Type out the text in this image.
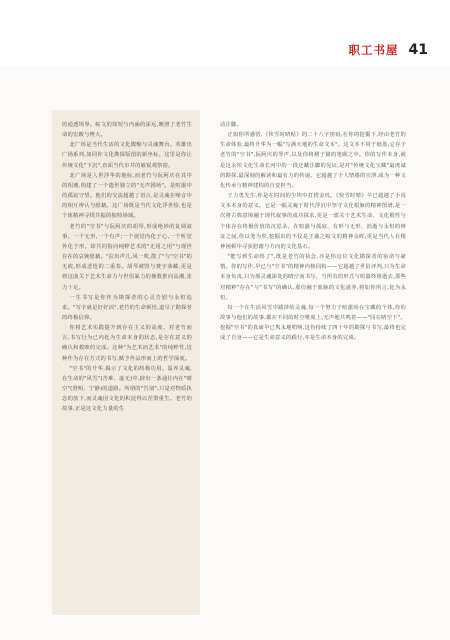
职工书屋 41

的通透境界。帖文的简短与内涵的深远,映照了老竹生命的宏敞与博大。

北广场是当代生活的文化微缩与灵魂舞台。英雄出广场系列,如同你文化勘探版图的新坐标。这里是你让传统文化"下沉",直面当代市井的敏锐观察窗。

北广场是人世浮华的地标,而老竹与阮阿庆在其中的相遇,构建了一个遗世独立的"无声剧场"。是喧嚣中的孤寂守望。他们的交流超越了语言,是灵魂在噪音中的相互辨认与慰藉。这广场既是当代文化浮世绘,也是个体精神寻找共振的独特场域。

老竹的"空书"与阮阿庆的胡琴,形成绝妙的复调叙事。一个无形,一个有声;一个视觉内化于心,一个听觉外化于形。却共同指向纯粹艺术的"无用之用"与现世存在的哀婉慰藉。"拉出声儿,风一吹,散了"与"空书"的无痕,形成悲怆的二重奏。胡琴被毁与焚字恭藏,更是将这曲关于艺术生命力与世俗暴力的挽歌推向高潮,张力十足。

一生书写是你作为勘探者的心灵告慰与永恒追求。"写字就是好好活",老竹的生命顿悟,道尽了勘探者的终极信仰。

你将艺术实践提升到存在主义的高度。对老竹而言,书写行为已内化为生命本身的状态,是存在意义的确认和救赎的完成。这种"为艺术而艺术"的纯粹性,这种作为存在方式的书写,赋予作品形而上的哲学深度。

"空书"的升华,揭示了文化的终极功用。温养灵魂,在生命的"风雪"(苦难、虚无)中,辟出一条通往内在"晴空"(澄明、宁静)的道路。所谓的"告别",只是对物质执念的放下,而灵魂因文化的积淀得以涅槃重生。老竹的故事,正是这文化力量的生

动注脚。

正如你所感悟,《快雪时晴帖》的二十八字密码,在你的挖掘下,经由老竹的生命体验,最终升华为一幅"写满天地的生命文本"。这文本不同于纸墨,它存于老竹的"空书",阮阿庆的琴声,以及你将褶子猫的笔砚之中。你的写作本身,就是这永恒文化生命长河中的一段迂藏注脚的见证,是对"传统文化宝藏"最虔诚的勘探,最深刻的解读和最有力的传递。它超越了个人情感的宣泄,成为一种文化传承与精神建构的自觉担当。

王力勇先生,你是在时间的尘埃中打捞金玑。《快雪时晴》早已超越了小说文本本身的意义。它是一幅灵魂于时代浮沉中坚守文化根脉的精神图谱,是一次将古典意境融于现代叙事的成功探求,更是一部关于艺术生命、文化根性与个体存在终极价值的沉思录。在喧嚣与孤寂、有形与无形、消逝与永恒的辩证之间,你以笔为犁,挖掘出的不仅是王羲之帖文的精神余晖,更是当代人在精神困顿中寻获慰藉与方向的文化基石。

"能写到生命终了",既是老竹的执念,亦是你这位文化勘探者的宿命与豪情。你的写作,早已与"空书"的精神内核同构——它超越了世俗评判,只为生命本身负责,只为那灵魂深处的晴空而书写。当所有的形式与喧嚣终将逝去,那些对精粹"存在"与"书写"的确认,那份融于血脉的文化滋养,将如你所言,化为永恒。

每一个在生活风雪中跋涉的灵魂,每一个努力于喧嚣尚在宝藏的个体,你的故事与他们的故事,都在不同的时空维度上,无声地共鸣着——"同在晴空下"。挖掘"空书"的真谛早已隽永地唱响,这份持续了四十年的勘探与书写,最终也完成了自身——它是生命意义的践行,亦是生命本身的完成。
